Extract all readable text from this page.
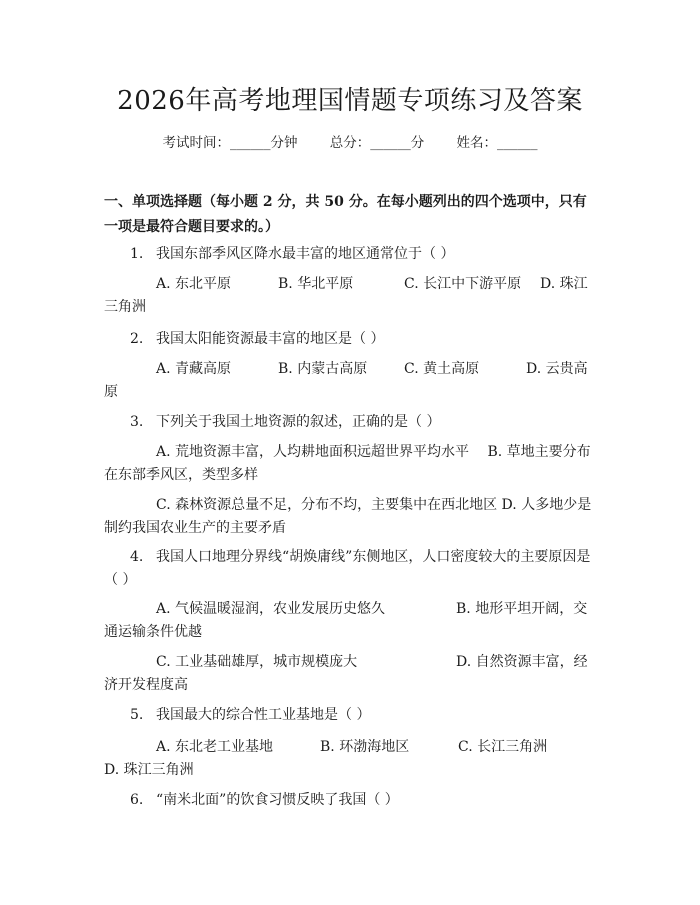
2026年高考地理国情题专项练习及答案
考试时间：______分钟 总分：______分 姓名：______
一、单项选择题（每小题 2 分，共 50 分。在每小题列出的四个选项中，只有一项是最符合题目要求的。）
1. 我国东部季风区降水最丰富的地区通常位于（ ）
A. 东北平原	B. 华北平原	C. 长江中下游平原 D. 珠江
三角洲
2. 我国太阳能资源最丰富的地区是（ ）
A. 青藏高原	B. 内蒙古高原	C. 黄土高原	D. 云贵高
原
3. 下列关于我国土地资源的叙述，正确的是（ ）
A. 荒地资源丰富，人均耕地面积远超世界平均水平　 B. 草地主要分布
在东部季风区，类型多样
C. 森林资源总量不足，分布不均，主要集中在西北地区 D. 人多地少是
制约我国农业生产的主要矛盾
4. 我国人口地理分界线“胡焕庸线”东侧地区，人口密度较大的主要原因是
（ ）
A. 气候温暖湿润，农业发展历史悠久	B. 地形平坦开阔，交
通运输条件优越
C. 工业基础雄厚，城市规模庞大	D. 自然资源丰富，经
济开发程度高
5. 我国最大的综合性工业基地是（ ）
A. 东北老工业基地	B. 环渤海地区	C. 长江三角洲
D. 珠江三角洲
6. “南米北面”的饮食习惯反映了我国（ ）
